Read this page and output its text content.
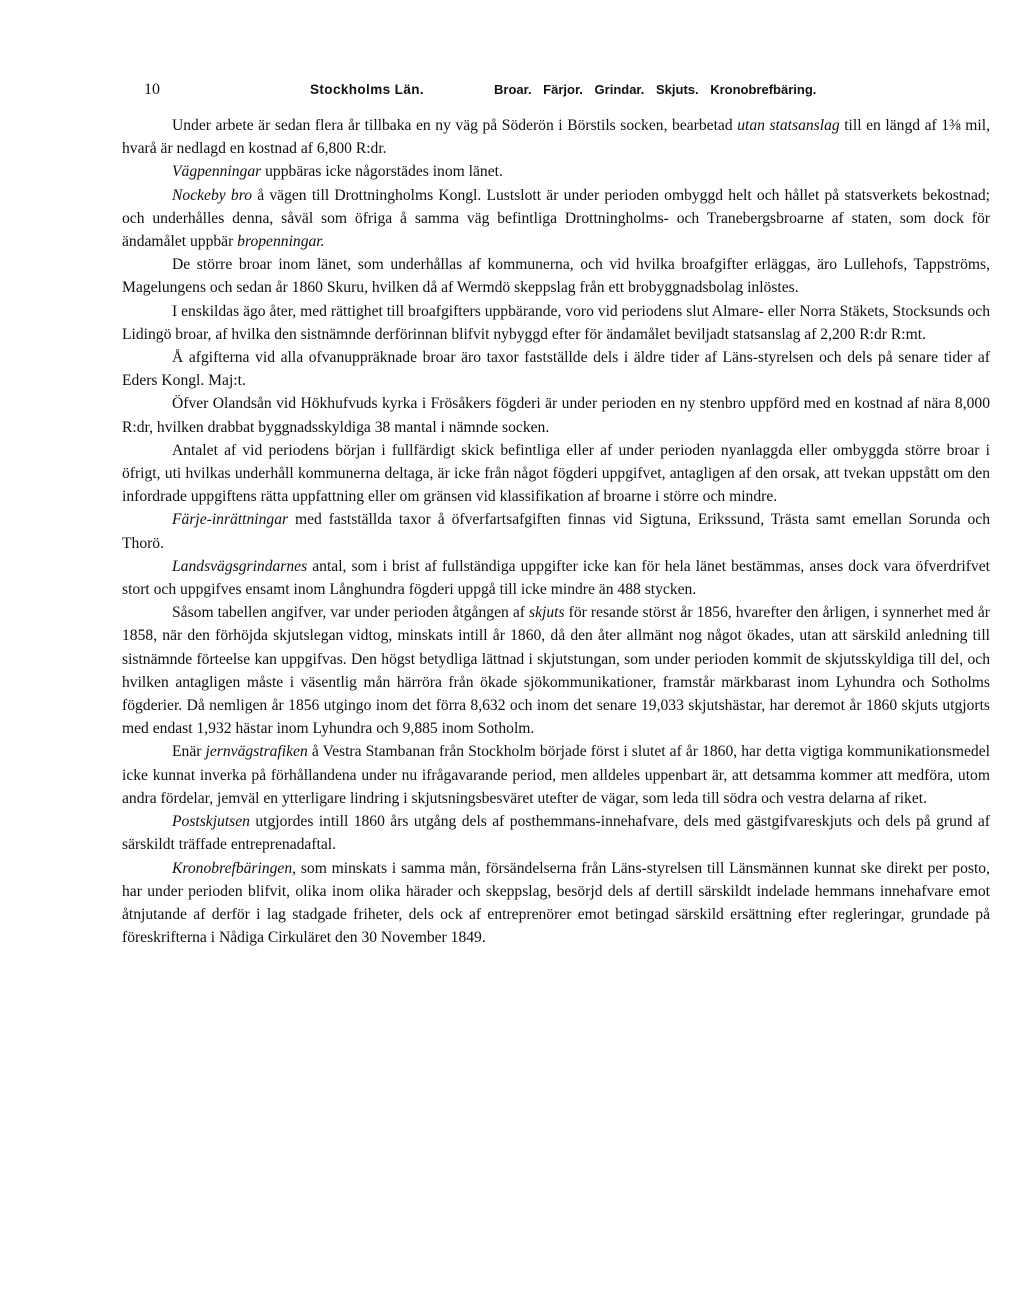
10	Stockholms Län.	Broar. Färjor. Grindar. Skjuts. Kronobrefbäring.

Under arbete är sedan flera år tillbaka en ny väg på Söderön i Börstils socken, bearbetad utan statsanslag till en längd af 1⅜ mil, hvarå är nedlagd en kostnad af 6,800 R:dr.

Vägpenningar uppbäras icke någorstädes inom länet.

Nockeby bro å vägen till Drottningholms Kongl. Lustslott är under perioden ombyggd helt och hållet på statsverkets bekostnad; och underhålles denna, såväl som öfriga å samma väg befintliga Drottningholms- och Tranebergsbroarne af staten, som dock för ändamålet uppbär bropenningar.

De större broar inom länet, som underhållas af kommunerna, och vid hvilka broafgifter erläggas, äro Lullehofs, Tappströms, Magelungens och sedan år 1860 Skuru, hvilken då af Wermdö skeppslag från ett brobyggnadsbolag inlöstes.

I enskildas ägo åter, med rättighet till broafgifters uppbärande, voro vid periodens slut Almare- eller Norra Stäkets, Stocksunds och Lidingö broar, af hvilka den sistnämnde derförinnan blifvit nybyggd efter för ändamålet beviljadt statsanslag af 2,200 R:dr R:mt.

Å afgifterna vid alla ofvanuppräknade broar äro taxor fastställde dels i äldre tider af Läns-styrelsen och dels på senare tider af Eders Kongl. Maj:t.

Öfver Olandsån vid Hökhufvuds kyrka i Frösåkers fögderi är under perioden en ny stenbro uppförd med en kostnad af nära 8,000 R:dr, hvilken drabbat byggnadsskyldiga 38 mantal i nämnde socken.

Antalet af vid periodens början i fullfärdigt skick befintliga eller af under perioden nyanlaggda eller ombyggda större broar i öfrigt, uti hvilkas underhåll kommunerna deltaga, är icke från något fögderi uppgifvet, antagligen af den orsak, att tvekan uppstått om den infordrade uppgiftens rätta uppfattning eller om gränsen vid klassifikation af broarne i större och mindre.

Färje-inrättningar med fastställda taxor å öfverfartsafgiften finnas vid Sigtuna, Erikssund, Trästa samt emellan Sorunda och Thorö.

Landsvägsgrindarnes antal, som i brist af fullständiga uppgifter icke kan för hela länet bestämmas, anses dock vara öfverdrifvet stort och uppgifves ensamt inom Långhundra fögderi uppgå till icke mindre än 488 stycken.

Såsom tabellen angifver, var under perioden åtgången af skjuts för resande störst år 1856, hvarefter den årligen, i synnerhet med år 1858, när den förhöjda skjutslegan vidtog, minskats intill år 1860, då den åter allmänt nog något ökades, utan att särskild anledning till sistnämnde förteelse kan uppgifvas. Den högst betydliga lättnad i skjutstungan, som under perioden kommit de skjutsskyldiga till del, och hvilken antagligen måste i väsentlig mån härröra från ökade sjökommunikationer, framstår märkbarast inom Lyhundra och Sotholms fögderier. Då nemligen år 1856 utgingo inom det förra 8,632 och inom det senare 19,033 skjutshästar, har deremot år 1860 skjuts utgjorts med endast 1,932 hästar inom Lyhundra och 9,885 inom Sotholm.

Enär jernvägstrafiken å Vestra Stambanan från Stockholm började först i slutet af år 1860, har detta vigtiga kommunikationsmedel icke kunnat inverka på förhållandena under nu ifrågavarande period, men alldeles uppenbart är, att detsamma kommer att medföra, utom andra fördelar, jemväl en ytterligare lindring i skjutsningsbesväret utefter de vägar, som leda till södra och vestra delarna af riket.

Postskjutsen utgjordes intill 1860 års utgång dels af posthemmans-innehafvare, dels med gästgifvareskjuts och dels på grund af särskildt träffade entreprenadaftal.

Kronobrefbäringen, som minskats i samma mån, försändelserna från Läns-styrelsen till Länsmännen kunnat ske direkt per posto, har under perioden blifvit, olika inom olika härader och skeppslag, besörjd dels af dertill särskildt indelade hemmans innehafvare emot åtnjutande af derför i lag stadgade friheter, dels ock af entreprenörer emot betingad särskild ersättning efter regleringar, grundade på föreskrifterna i Nådiga Cirkuläret den 30 November 1849.
